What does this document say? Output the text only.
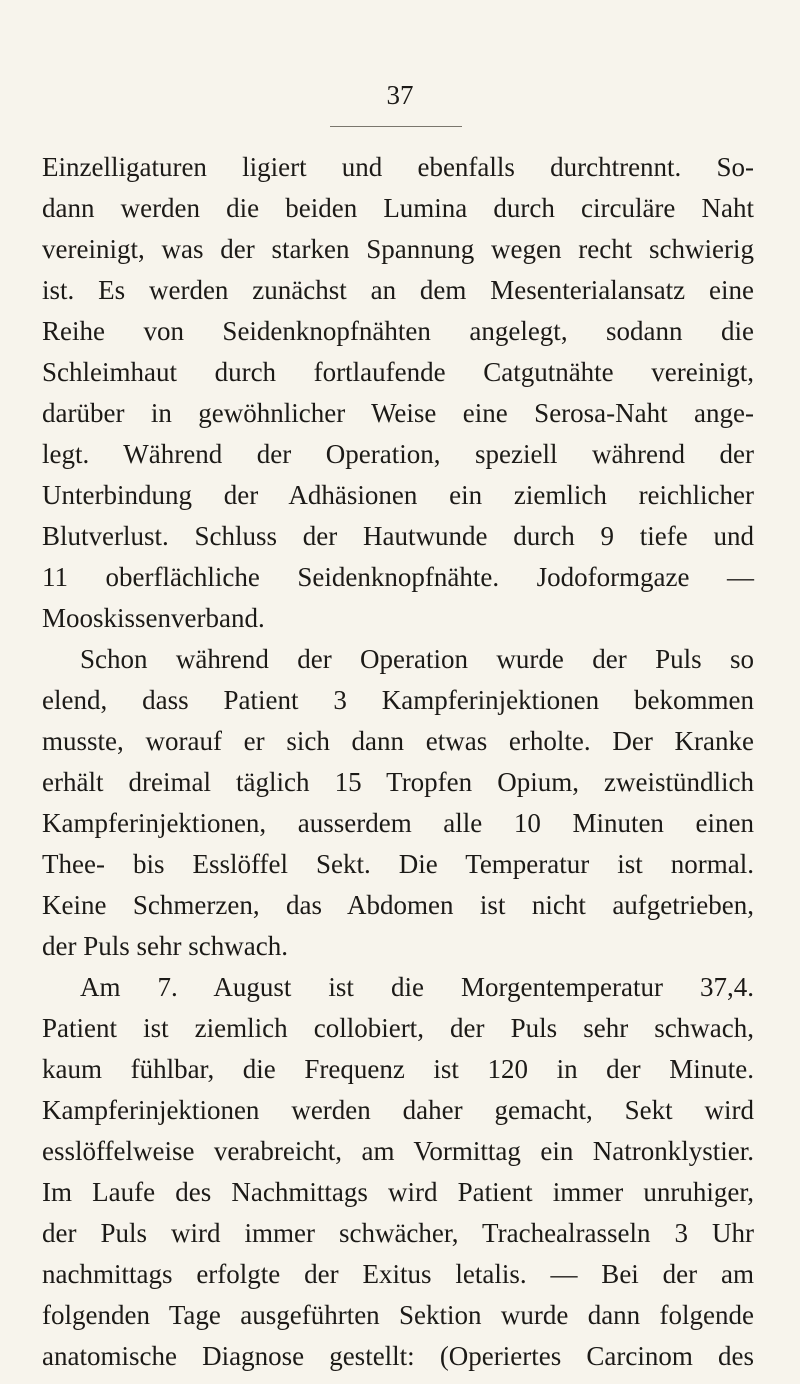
37
Einzelligaturen ligiert und ebenfalls durchtrennt. So-
dann werden die beiden Lumina durch circuläre Naht
vereinigt, was der starken Spannung wegen recht schwierig
ist. Es werden zunächst an dem Mesenterialansatz eine
Reihe von Seidenknopfnähten angelegt, sodann die
Schleimhaut durch fortlaufende Catgutnähte vereinigt,
darüber in gewöhnlicher Weise eine Serosa-Naht ange-
legt. Während der Operation, speziell während der
Unterbindung der Adhäsionen ein ziemlich reichlicher
Blutverlust. Schluss der Hautwunde durch 9 tiefe und
11 oberflächliche Seidenknopfnähte. Jodoformgaze —
Mooskissenverband.
Schon während der Operation wurde der Puls so
elend, dass Patient 3 Kampferinjektionen bekommen
musste, worauf er sich dann etwas erholte. Der Kranke
erhält dreimal täglich 15 Tropfen Opium, zweistündlich
Kampferinjektionen, ausserdem alle 10 Minuten einen
Thee- bis Esslöffel Sekt. Die Temperatur ist normal.
Keine Schmerzen, das Abdomen ist nicht aufgetrieben,
der Puls sehr schwach.
Am 7. August ist die Morgentemperatur 37,4.
Patient ist ziemlich collobiert, der Puls sehr schwach,
kaum fühlbar, die Frequenz ist 120 in der Minute.
Kampferinjektionen werden daher gemacht, Sekt wird
esslöffelweise verabreicht, am Vormittag ein Natronklystier.
Im Laufe des Nachmittags wird Patient immer unruhiger,
der Puls wird immer schwächer, Trachealrasseln 3 Uhr
nachmittags erfolgte der Exitus letalis. — Bei der am
folgenden Tage ausgeführten Sektion wurde dann folgende
anatomische Diagnose gestellt: (Operiertes Carcinom des
